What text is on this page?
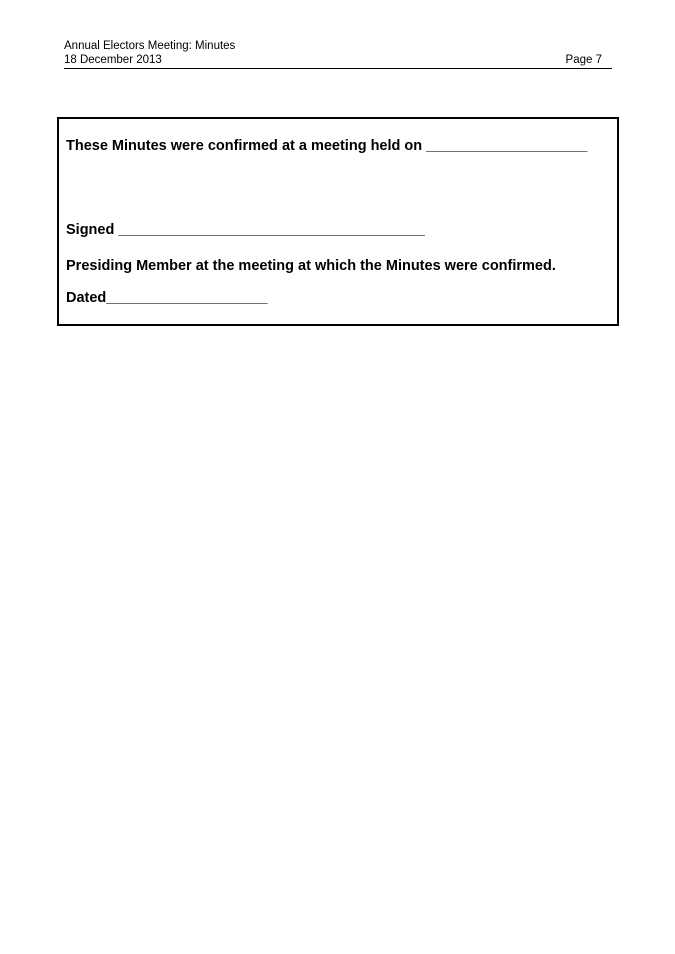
Annual Electors Meeting: Minutes
18 December 2013	Page 7
These Minutes were confirmed at a meeting held on ____________________
Signed ______________________________________
Presiding Member at the meeting at which the Minutes were confirmed.
Dated____________________
